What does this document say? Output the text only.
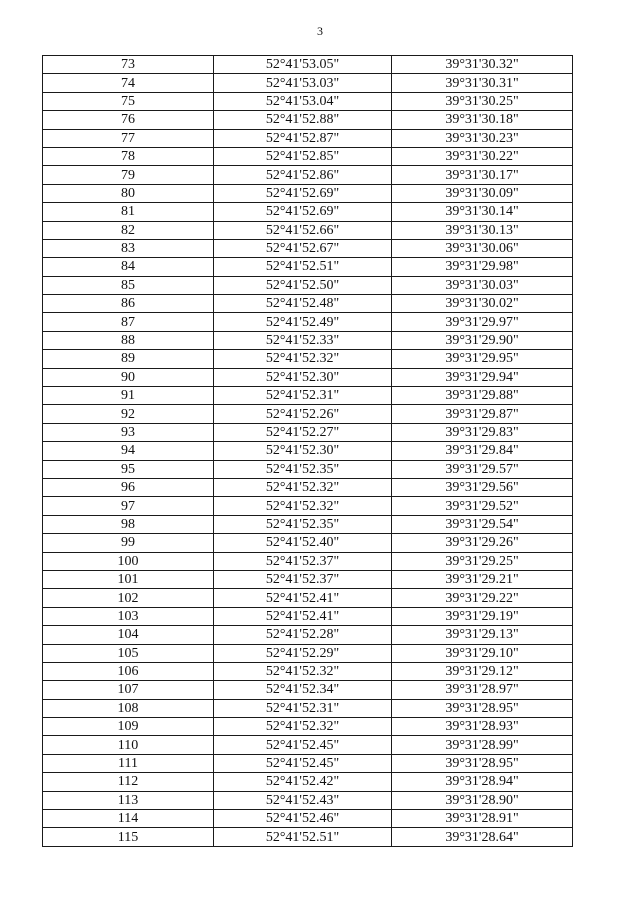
3
73	52°41'53.05"	39°31'30.32"
74	52°41'53.03"	39°31'30.31"
75	52°41'53.04"	39°31'30.25"
76	52°41'52.88"	39°31'30.18"
77	52°41'52.87"	39°31'30.23"
78	52°41'52.85"	39°31'30.22"
79	52°41'52.86"	39°31'30.17"
80	52°41'52.69"	39°31'30.09"
81	52°41'52.69"	39°31'30.14"
82	52°41'52.66"	39°31'30.13"
83	52°41'52.67"	39°31'30.06"
84	52°41'52.51"	39°31'29.98"
85	52°41'52.50"	39°31'30.03"
86	52°41'52.48"	39°31'30.02"
87	52°41'52.49"	39°31'29.97"
88	52°41'52.33"	39°31'29.90"
89	52°41'52.32"	39°31'29.95"
90	52°41'52.30"	39°31'29.94"
91	52°41'52.31"	39°31'29.88"
92	52°41'52.26"	39°31'29.87"
93	52°41'52.27"	39°31'29.83"
94	52°41'52.30"	39°31'29.84"
95	52°41'52.35"	39°31'29.57"
96	52°41'52.32"	39°31'29.56"
97	52°41'52.32"	39°31'29.52"
98	52°41'52.35"	39°31'29.54"
99	52°41'52.40"	39°31'29.26"
100	52°41'52.37"	39°31'29.25"
101	52°41'52.37"	39°31'29.21"
102	52°41'52.41"	39°31'29.22"
103	52°41'52.41"	39°31'29.19"
104	52°41'52.28"	39°31'29.13"
105	52°41'52.29"	39°31'29.10"
106	52°41'52.32"	39°31'29.12"
107	52°41'52.34"	39°31'28.97"
108	52°41'52.31"	39°31'28.95"
109	52°41'52.32"	39°31'28.93"
110	52°41'52.45"	39°31'28.99"
111	52°41'52.45"	39°31'28.95"
112	52°41'52.42"	39°31'28.94"
113	52°41'52.43"	39°31'28.90"
114	52°41'52.46"	39°31'28.91"
115	52°41'52.51"	39°31'28.64"
